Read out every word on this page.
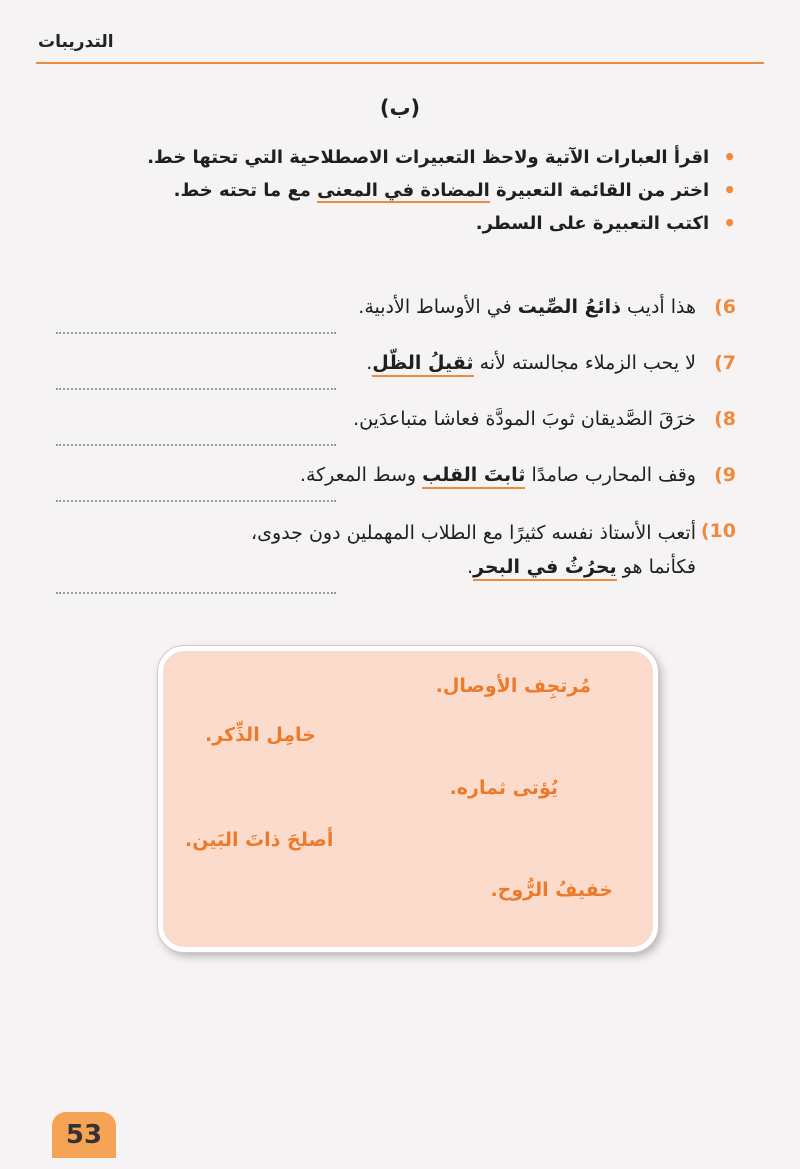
التدريبات
(ب)
•
اقرأ العبارات الآتية ولاحظ التعبيرات الاصطلاحية التي تحتها خط.
•
اختر من القائمة التعبيرة المضادة في المعنى مع ما تحته خط.
•
اكتب التعبيرة على السطر.
6)
هذا أديب ذائعُ الصِّيت في الأوساط الأدبية.
7)
لا يحب الزملاء مجالسته لأنه ثقيلُ الظّل.
8)
خرَقَ الصَّديقان ثوبَ المودَّة فعاشا متباعدَين.
9)
وقف المحارب صامدًا ثابتَ القلب وسط المعركة.
10)
أتعب الأستاذ نفسه كثيرًا مع الطلاب المهملين دون جدوى،
فكأنما هو يحرُثُ في البحر.
مُرتجِف الأوصال.
خامِل الذِّكر.
يُؤتى ثماره.
أصلحَ ذاتَ البَين.
خفيفُ الرُّوح.
53
